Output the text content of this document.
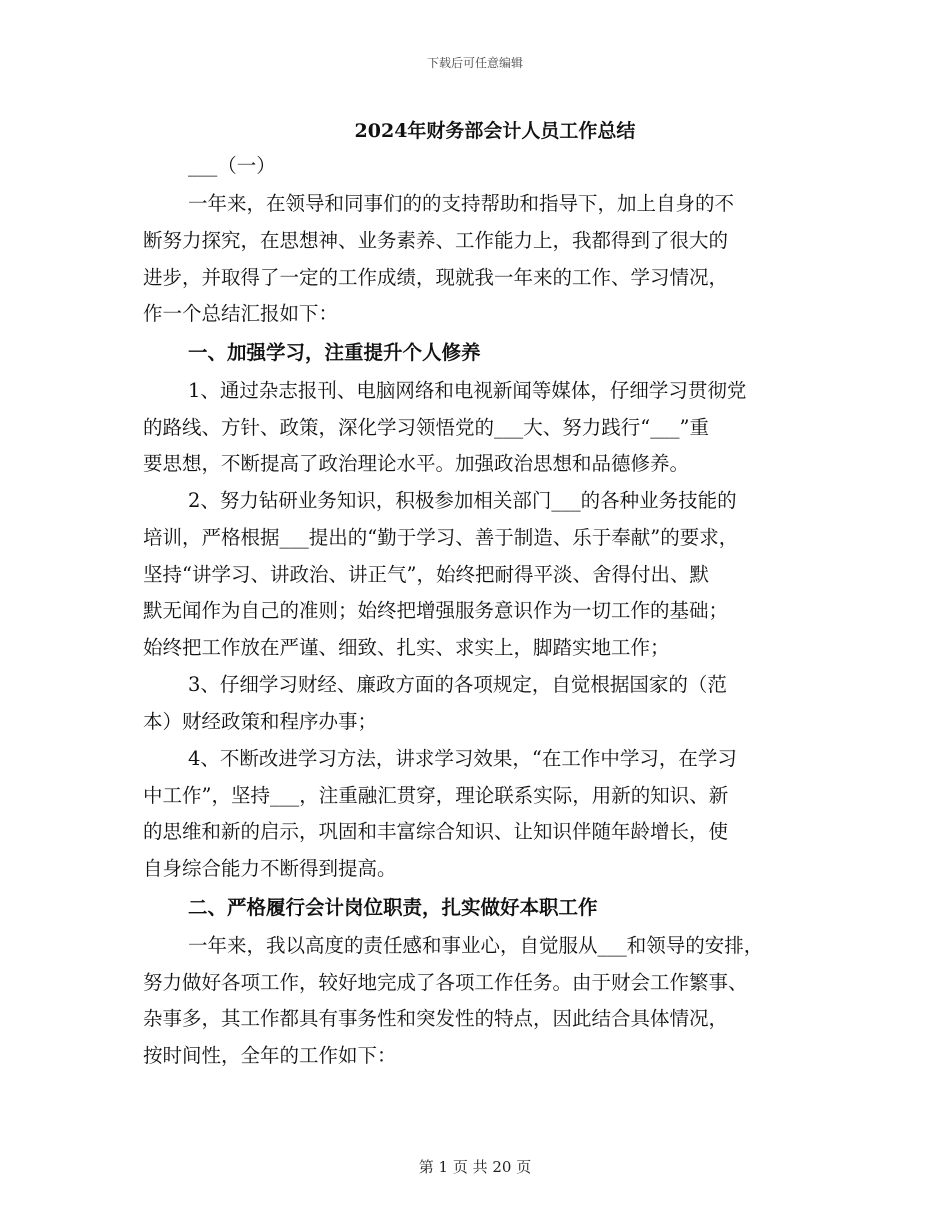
下载后可任意编辑
2024年财务部会计人员工作总结
___（一）
一年来，在领导和同事们的的支持帮助和指导下，加上自身的不
断努力探究，在思想神、业务素养、工作能力上，我都得到了很大的
进步，并取得了一定的工作成绩，现就我一年来的工作、学习情况，
作一个总结汇报如下：
一、加强学习，注重提升个人修养
1、通过杂志报刊、电脑网络和电视新闻等媒体，仔细学习贯彻党
的路线、方针、政策，深化学习领悟党的___大、努力践行“___”重
要思想，不断提高了政治理论水平。加强政治思想和品德修养。
2、努力钻研业务知识，积极参加相关部门___的各种业务技能的
培训，严格根据___提出的“勤于学习、善于制造、乐于奉献”的要求，
坚持“讲学习、讲政治、讲正气”，始终把耐得平淡、舍得付出、默
默无闻作为自己的准则；始终把增强服务意识作为一切工作的基础；
始终把工作放在严谨、细致、扎实、求实上，脚踏实地工作；
3、仔细学习财经、廉政方面的各项规定，自觉根据国家的（范
本）财经政策和程序办事；
4、不断改进学习方法，讲求学习效果，“在工作中学习，在学习
中工作”，坚持___，注重融汇贯穿，理论联系实际，用新的知识、新
的思维和新的启示，巩固和丰富综合知识、让知识伴随年龄增长，使
自身综合能力不断得到提高。
二、严格履行会计岗位职责，扎实做好本职工作
一年来，我以高度的责任感和事业心，自觉服从___和领导的安排，
努力做好各项工作，较好地完成了各项工作任务。由于财会工作繁事、
杂事多，其工作都具有事务性和突发性的特点，因此结合具体情况，
按时间性，全年的工作如下：
第 1 页 共 20 页
